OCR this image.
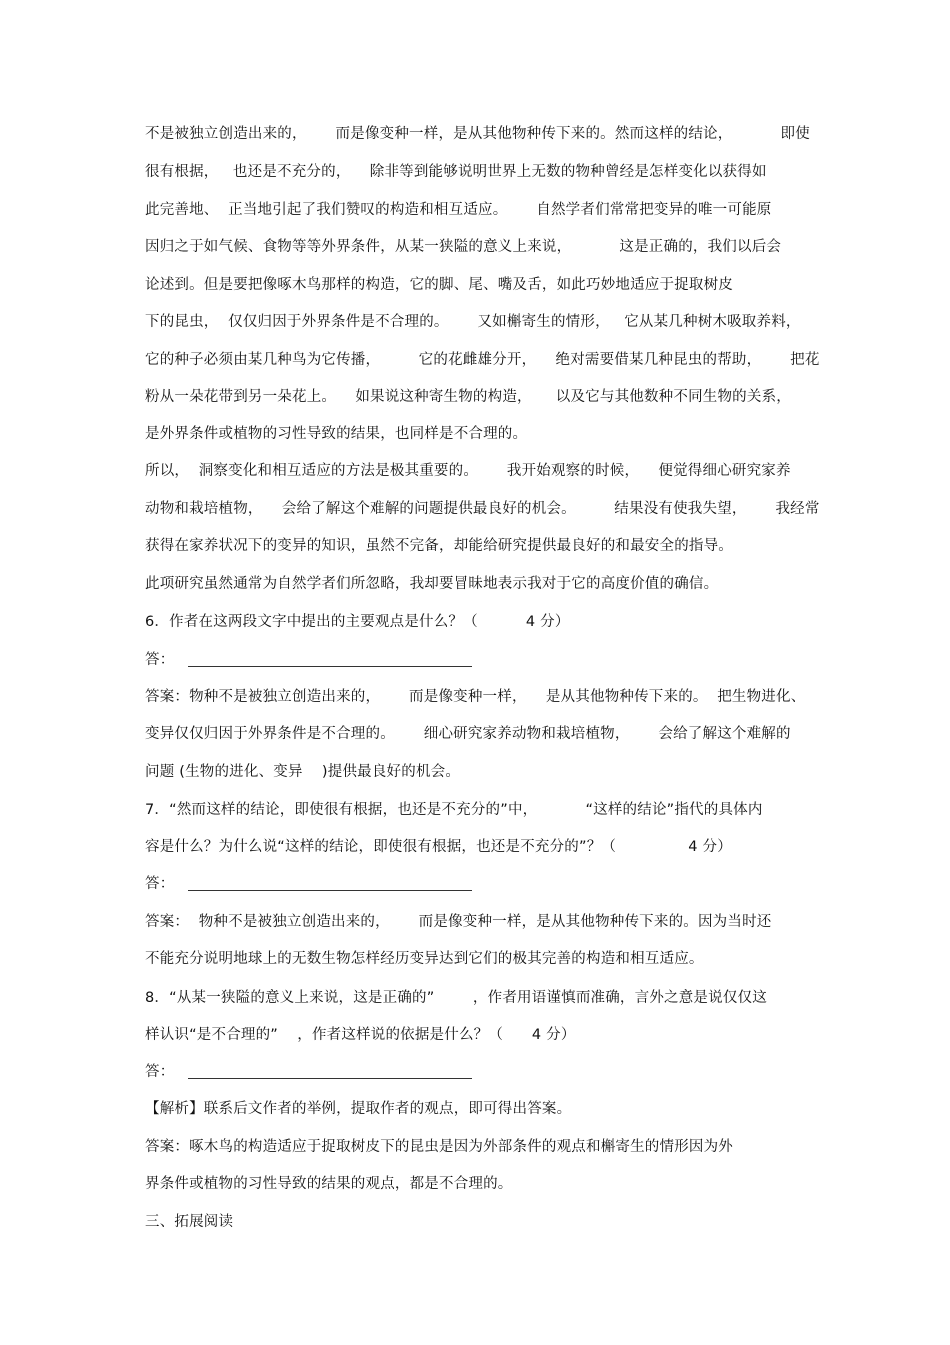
不是被独立创造出来的，      而是像变种一样，是从其他物种传下来的。然而这样的结论，          即使
很有根据，   也还是不充分的，    除非等到能够说明世界上无数的物种曾经是怎样变化以获得如
此完善地、  正当地引起了我们赞叹的构造和相互适应。      自然学者们常常把变异的唯一可能原
因归之于如气候、食物等等外界条件，从某一狭隘的意义上来说，          这是正确的，我们以后会
论述到。但是要把像啄木鸟那样的构造，它的脚、尾、嘴及舌，如此巧妙地适应于捉取树皮
下的昆虫，  仅仅归因于外界条件是不合理的。      又如槲寄生的情形，   它从某几种树木吸取养料，
它的种子必须由某几种鸟为它传播，        它的花雌雄分开，    绝对需要借某几种昆虫的帮助，      把花
粉从一朵花带到另一朵花上。    如果说这种寄生物的构造，     以及它与其他数种不同生物的关系，
是外界条件或植物的习性导致的结果，也同样是不合理的。
所以，  洞察变化和相互适应的方法是极其重要的。      我开始观察的时候，    便觉得细心研究家养
动物和栽培植物，    会给了解这个难解的问题提供最良好的机会。        结果没有使我失望，      我经常
获得在家养状况下的变异的知识，虽然不完备，却能给研究提供最良好的和最安全的指导。
此项研究虽然通常为自然学者们所忽略，我却要冒昧地表示我对于它的高度价值的确信。
6．作者在这两段文字中提出的主要观点是什么？（          4 分）
答：
答案：物种不是被独立创造出来的，      而是像变种一样，    是从其他物种传下来的。  把生物进化、
变异仅仅归因于外界条件是不合理的。      细心研究家养动物和栽培植物，      会给了解这个难解的
问题 (生物的进化、变异    )提供最良好的机会。
7．“然而这样的结论，即使很有根据，也还是不充分的”中，          “这样的结论”指代的具体内
容是什么？为什么说“这样的结论，即使很有根据，也还是不充分的”？（               4 分）
答：
答案：  物种不是被独立创造出来的，      而是像变种一样，是从其他物种传下来的。因为当时还
不能充分说明地球上的无数生物怎样经历变异达到它们的极其完善的构造和相互适应。
8．“从某一狭隘的意义上来说，这是正确的”        ，作者用语谨慎而准确，言外之意是说仅仅这
样认识“是不合理的”    ，作者这样说的依据是什么？（      4 分）
答：
【解析】联系后文作者的举例，提取作者的观点，即可得出答案。
答案：啄木鸟的构造适应于捉取树皮下的昆虫是因为外部条件的观点和槲寄生的情形因为外
界条件或植物的习性导致的结果的观点，都是不合理的。
三、拓展阅读
